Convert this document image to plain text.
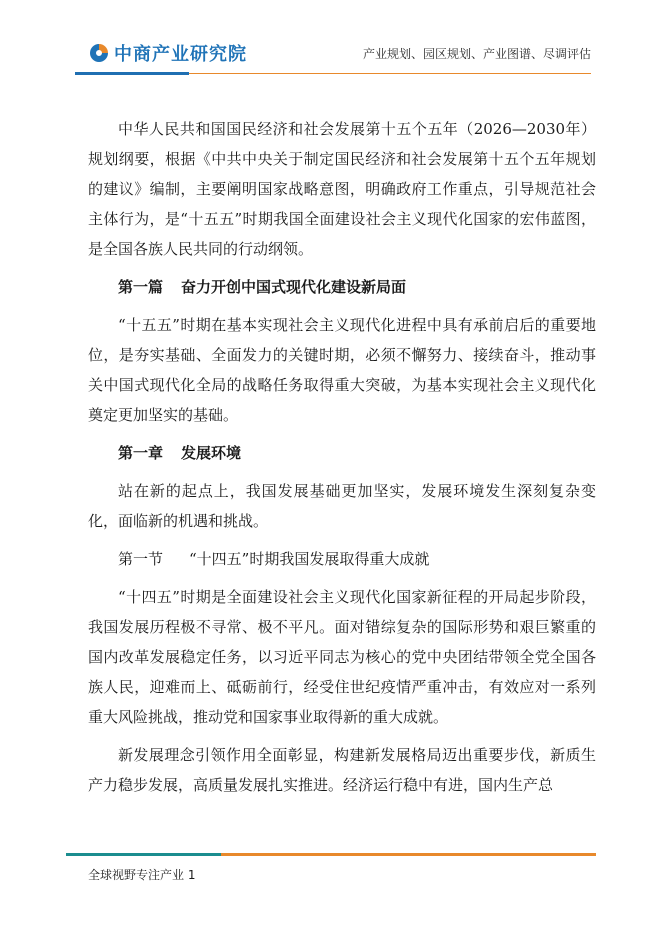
中商产业研究院	产业规划、园区规划、产业图谱、尽调评估

中华人民共和国国民经济和社会发展第十五个五年（2026—2030年）规划纲要，根据《中共中央关于制定国民经济和社会发展第十五个五年规划的建议》编制，主要阐明国家战略意图，明确政府工作重点，引导规范社会主体行为，是“十五五”时期我国全面建设社会主义现代化国家的宏伟蓝图，是全国各族人民共同的行动纲领。

第一篇 奋力开创中国式现代化建设新局面

“十五五”时期在基本实现社会主义现代化进程中具有承前启后的重要地位，是夯实基础、全面发力的关键时期，必须不懈努力、接续奋斗，推动事关中国式现代化全局的战略任务取得重大突破，为基本实现社会主义现代化奠定更加坚实的基础。

第一章 发展环境

站在新的起点上，我国发展基础更加坚实，发展环境发生深刻复杂变化，面临新的机遇和挑战。

第一节 “十四五”时期我国发展取得重大成就

“十四五”时期是全面建设社会主义现代化国家新征程的开局起步阶段，我国发展历程极不寻常、极不平凡。面对错综复杂的国际形势和艰巨繁重的国内改革发展稳定任务，以习近平同志为核心的党中央团结带领全党全国各族人民，迎难而上、砥砺前行，经受住世纪疫情严重冲击，有效应对一系列重大风险挑战，推动党和国家事业取得新的重大成就。

新发展理念引领作用全面彰显，构建新发展格局迈出重要步伐，新质生产力稳步发展，高质量发展扎实推进。经济运行稳中有进，国内生产总

全球视野专注产业 1
